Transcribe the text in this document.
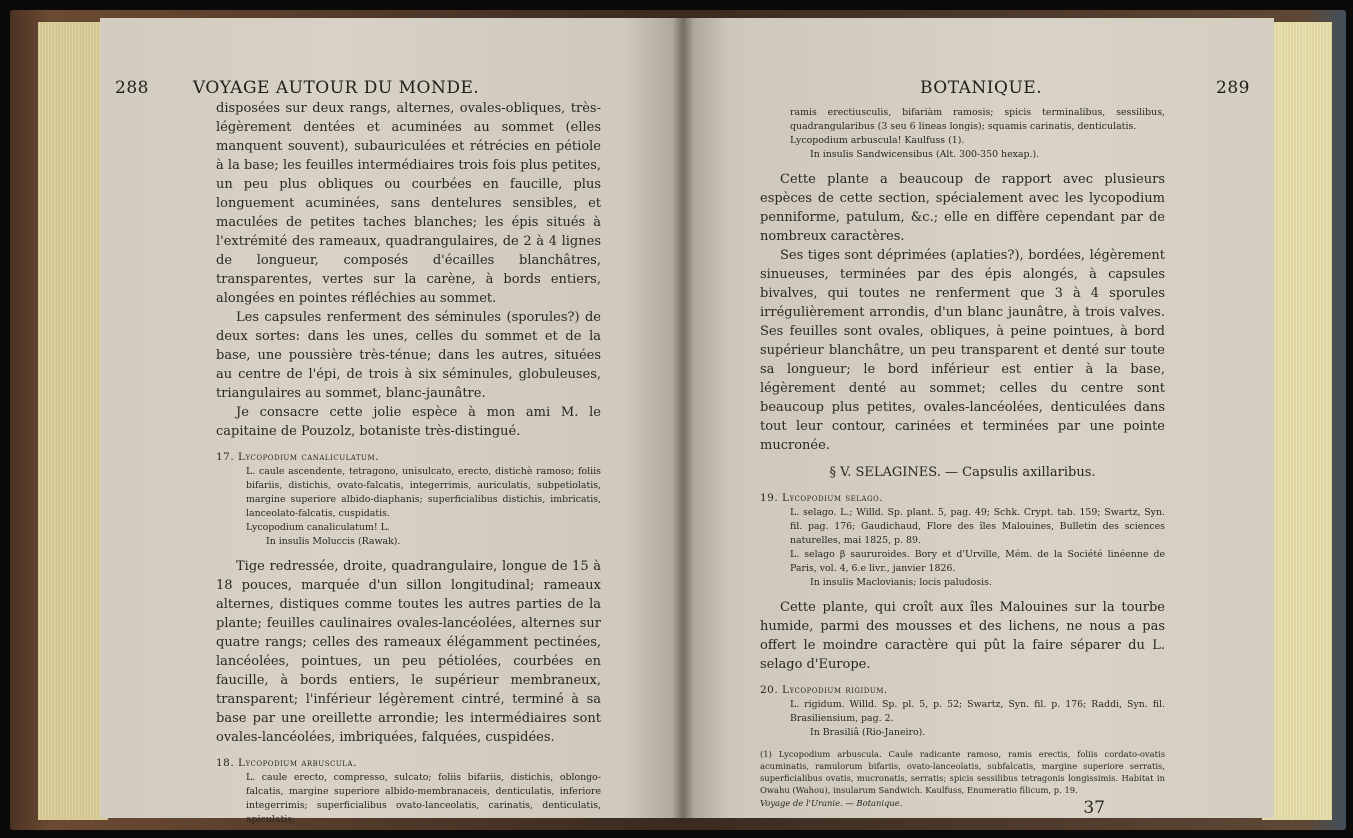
288	VOYAGE AUTOUR DU MONDE.

disposées sur deux rangs, alternes, ovales-obliques, très-légèrement dentées et acuminées au sommet (elles manquent souvent), subauriculées et rétrécies en pétiole à la base; les feuilles intermédiaires trois fois plus petites, un peu plus obliques ou courbées en faucille, plus longuement acuminées, sans dentelures sensibles, et maculées de petites taches blanches; les épis situés à l'extrémité des rameaux, quadrangulaires, de 2 à 4 lignes de longueur, composés d'écailles blanchâtres, transparentes, vertes sur la carène, à bords entiers, alongées en pointes réfléchies au sommet.

Les capsules renferment des séminules (sporules?) de deux sortes: dans les unes, celles du sommet et de la base, une poussière très-ténue; dans les autres, situées au centre de l'épi, de trois à six séminules, globuleuses, triangulaires au sommet, blanc-jaunâtre.

Je consacre cette jolie espèce à mon ami M. le capitaine de Pouzolz, botaniste très-distingué.

17. Lycopodium canaliculatum.

L. caule ascendente, tetragono, unisulcato, erecto, distichè ramoso; foliis bifariis, distichis, ovato-falcatis, integerrimis, auriculatis, subpetiolatis, margine superiore albido-diaphanis; superficialibus distichis, imbricatis, lanceolato-falcatis, cuspidatis.

Lycopodium canaliculatum! L.

In insulis Moluccis (Rawak).

Tige redressée, droite, quadrangulaire, longue de 15 à 18 pouces, marquée d'un sillon longitudinal; rameaux alternes, distiques comme toutes les autres parties de la plante; feuilles caulinaires ovales-lancéolées, alternes sur quatre rangs; celles des rameaux élégamment pectinées, lancéolées, pointues, un peu pétiolées, courbées en faucille, à bords entiers, le supérieur membraneux, transparent; l'inférieur légèrement cintré, terminé à sa base par une oreillette arrondie; les intermédiaires sont ovales-lancéolées, imbriquées, falquées, cuspidées.

18. Lycopodium arbuscula.

L. caule erecto, compresso, sulcato; foliis bifariis, distichis, oblongo-falcatis, margine superiore albido-membranaceis, denticulatis, inferiore integerrimis; superficialibus ovato-lanceolatis, carinatis, denticulatis, apiculatis;

BOTANIQUE.	289

ramis erectiusculis, bifariàm ramosis; spicis terminalibus, sessilibus, quadrangularibus (3 seu 6 lineas longis); squamis carinatis, denticulatis.

Lycopodium arbuscula! Kaulfuss (1).

In insulis Sandwicensibus (Alt. 300-350 hexap.).

Cette plante a beaucoup de rapport avec plusieurs espèces de cette section, spécialement avec les lycopodium penniforme, patulum, &c.; elle en diffère cependant par de nombreux caractères.

Ses tiges sont déprimées (aplaties?), bordées, légèrement sinueuses, terminées par des épis alongés, à capsules bivalves, qui toutes ne renferment que 3 à 4 sporules irrégulièrement arrondis, d'un blanc jaunâtre, à trois valves. Ses feuilles sont ovales, obliques, à peine pointues, à bord supérieur blanchâtre, un peu transparent et denté sur toute sa longueur; le bord inférieur est entier à la base, légèrement denté au sommet; celles du centre sont beaucoup plus petites, ovales-lancéolées, denticulées dans tout leur contour, carinées et terminées par une pointe mucronée.

§ V. SELAGINES. — Capsulis axillaribus.

19. Lycopodium selago.

L. selago. L.; Willd. Sp. plant. 5, pag. 49; Schk. Crypt. tab. 159; Swartz, Syn. fil. pag. 176; Gaudichaud, Flore des îles Malouines, Bulletin des sciences naturelles, mai 1825, p. 89.

L. selago β saururoides. Bory et d'Urville, Mém. de la Société linéenne de Paris, vol. 4, 6.e livr., janvier 1826.

In insulis Maclovianis; locis paludosis.

Cette plante, qui croît aux îles Malouines sur la tourbe humide, parmi des mousses et des lichens, ne nous a pas offert le moindre caractère qui pût la faire séparer du L. selago d'Europe.

20. Lycopodium rigidum.

L. rigidum. Willd. Sp. pl. 5, p. 52; Swartz, Syn. fil. p. 176; Raddi, Syn. fil. Brasiliensium, pag. 2.

In Brasiliâ (Rio-Janeiro).

(1) Lycopodium arbuscula. Caule radicante ramoso, ramis erectis, foliis cordato-ovatis acuminatis, ramulorum bifariis, ovato-lanceolatis, subfalcatis, margine superiore serratis, superficialibus ovatis, mucronatis, serratis; spicis sessilibus tetragonis longissimis. Habitat in Owahu (Wahou), insularum Sandwich. Kaulfuss, Enumeratio filicum, p. 19.

Voyage de l'Uranie. — Botanique.	37
